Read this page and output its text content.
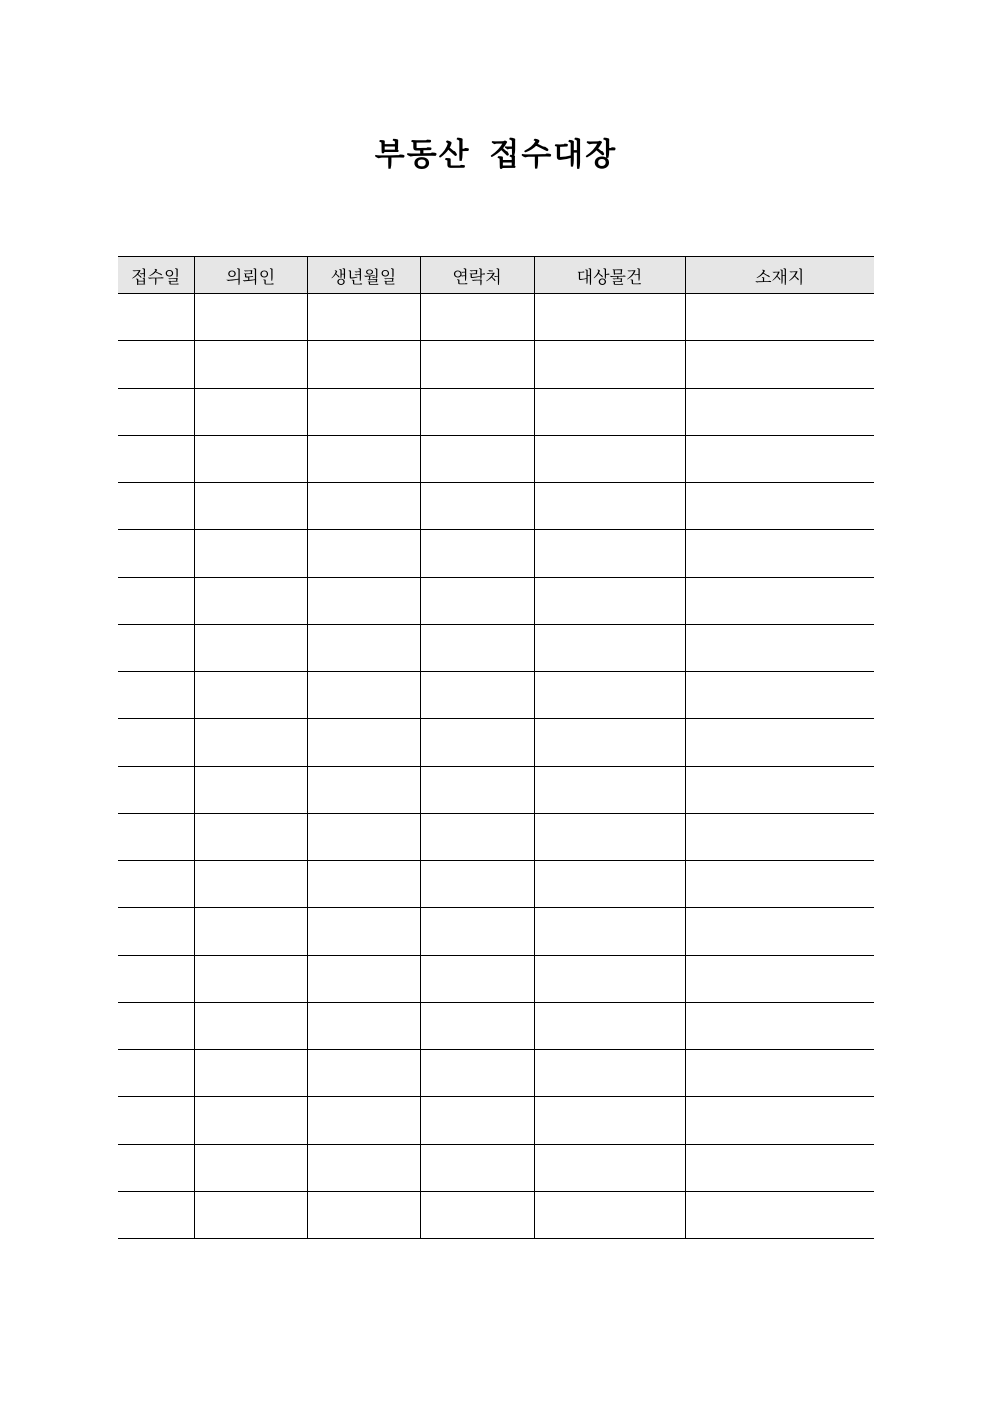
부동산 접수대장
접수일	의뢰인	생년월일	연락처	대상물건	소재지
